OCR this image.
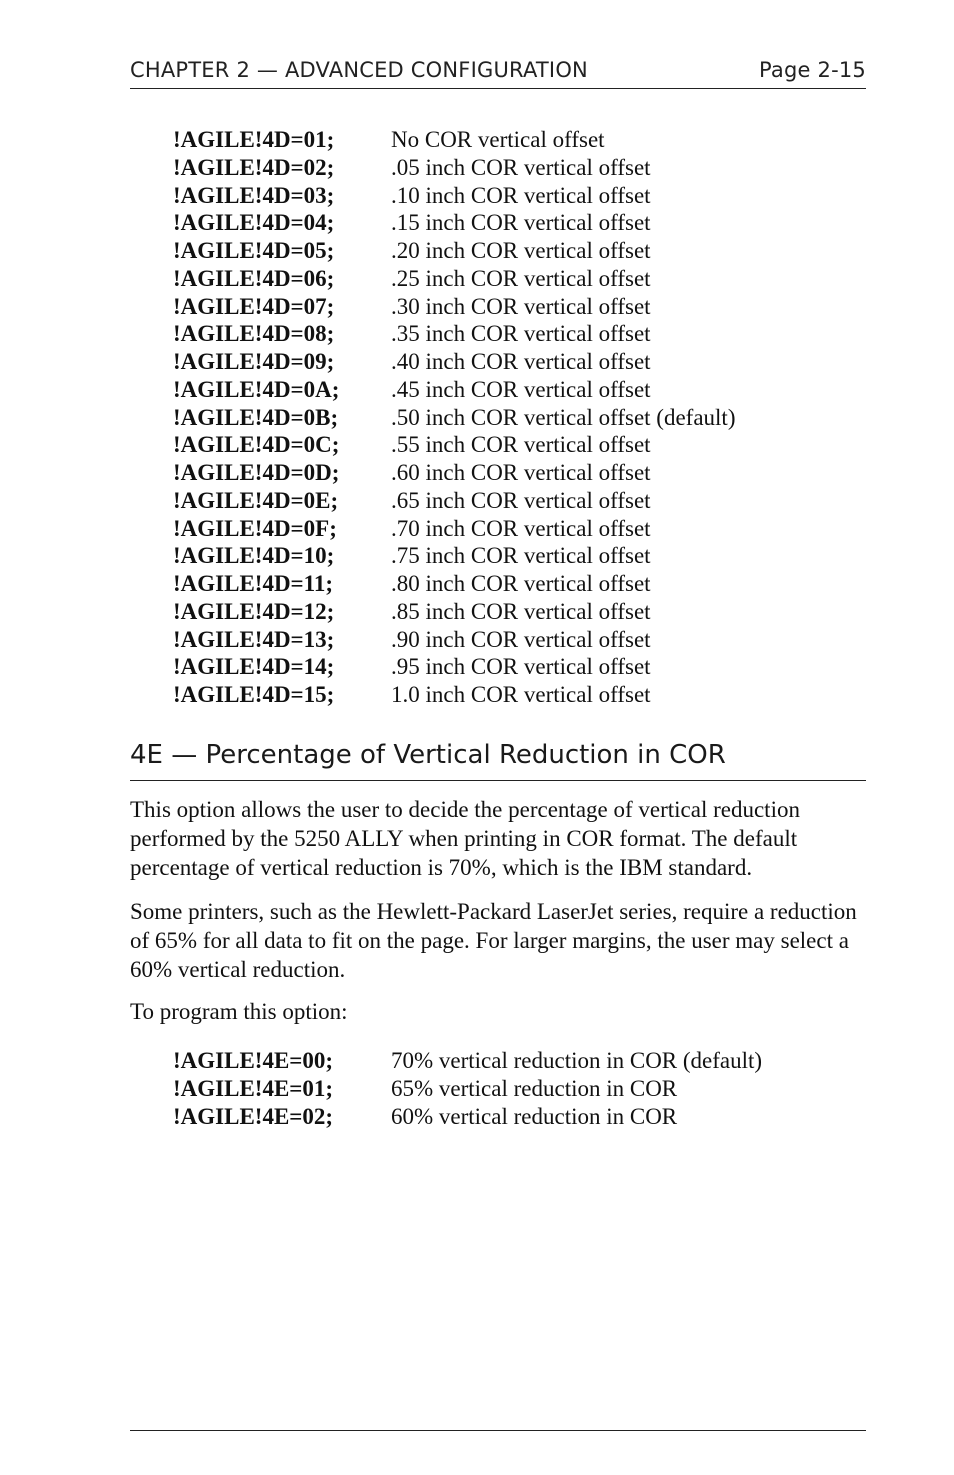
CHAPTER 2 — ADVANCED CONFIGURATION	Page 2-15
!AGILE!4D=01;	No COR vertical offset
!AGILE!4D=02;	.05 inch COR vertical offset
!AGILE!4D=03;	.10 inch COR vertical offset
!AGILE!4D=04;	.15 inch COR vertical offset
!AGILE!4D=05;	.20 inch COR vertical offset
!AGILE!4D=06;	.25 inch COR vertical offset
!AGILE!4D=07;	.30 inch COR vertical offset
!AGILE!4D=08;	.35 inch COR vertical offset
!AGILE!4D=09;	.40 inch COR vertical offset
!AGILE!4D=0A;	.45 inch COR vertical offset
!AGILE!4D=0B;	.50 inch COR vertical offset (default)
!AGILE!4D=0C;	.55 inch COR vertical offset
!AGILE!4D=0D;	.60 inch COR vertical offset
!AGILE!4D=0E;	.65 inch COR vertical offset
!AGILE!4D=0F;	.70 inch COR vertical offset
!AGILE!4D=10;	.75 inch COR vertical offset
!AGILE!4D=11;	.80 inch COR vertical offset
!AGILE!4D=12;	.85 inch COR vertical offset
!AGILE!4D=13;	.90 inch COR vertical offset
!AGILE!4D=14;	.95 inch COR vertical offset
!AGILE!4D=15;	1.0 inch COR vertical offset
4E — Percentage of Vertical Reduction in COR

This option allows the user to decide the percentage of vertical reduction performed by the 5250 ALLY when printing in COR format. The default percentage of vertical reduction is 70%, which is the IBM standard.

Some printers, such as the Hewlett-Packard LaserJet series, require a reduction of 65% for all data to fit on the page. For larger margins, the user may select a 60% vertical reduction.

To program this option:

!AGILE!4E=00;	70% vertical reduction in COR (default)
!AGILE!4E=01;	65% vertical reduction in COR
!AGILE!4E=02;	60% vertical reduction in COR
